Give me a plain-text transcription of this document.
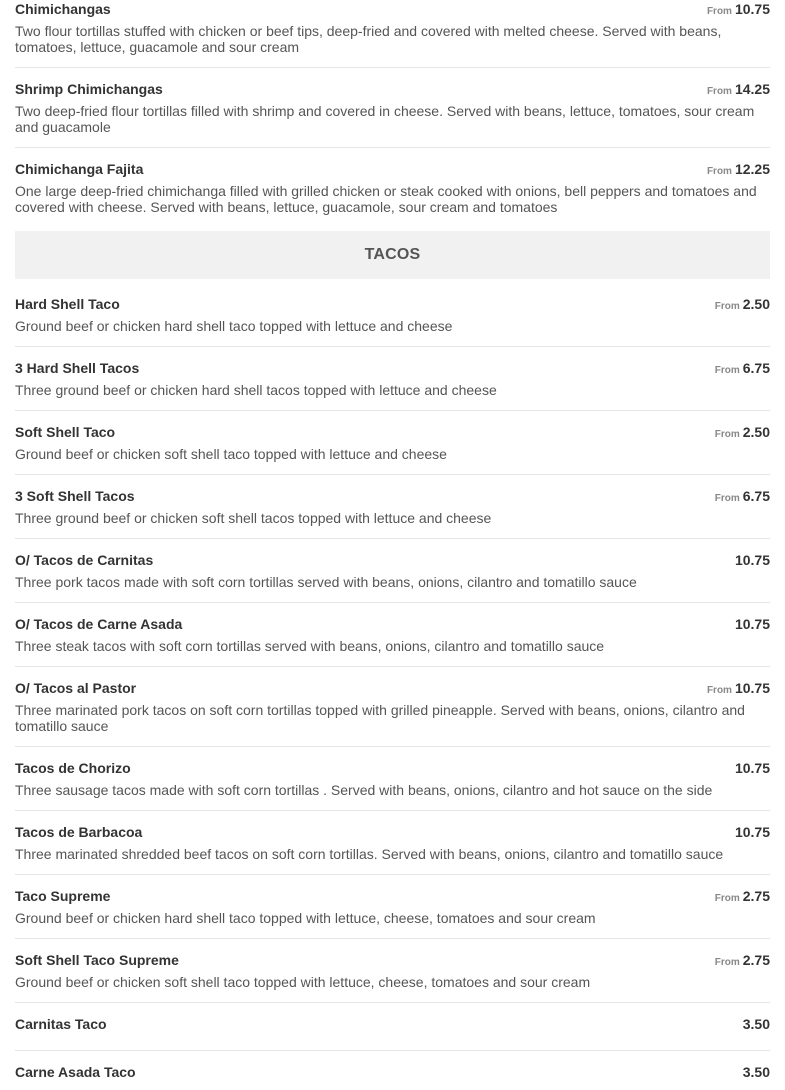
Chimichangas	From 10.75
Two flour tortillas stuffed with chicken or beef tips, deep-fried and covered with melted cheese. Served with beans, tomatoes, lettuce, guacamole and sour cream
Shrimp Chimichangas	From 14.25
Two deep-fried flour tortillas filled with shrimp and covered in cheese. Served with beans, lettuce, tomatoes, sour cream and guacamole
Chimichanga Fajita	From 12.25
One large deep-fried chimichanga filled with grilled chicken or steak cooked with onions, bell peppers and tomatoes and covered with cheese. Served with beans, lettuce, guacamole, sour cream and tomatoes
TACOS
Hard Shell Taco	From 2.50
Ground beef or chicken hard shell taco topped with lettuce and cheese
3 Hard Shell Tacos	From 6.75
Three ground beef or chicken hard shell tacos topped with lettuce and cheese
Soft Shell Taco	From 2.50
Ground beef or chicken soft shell taco topped with lettuce and cheese
3 Soft Shell Tacos	From 6.75
Three ground beef or chicken soft shell tacos topped with lettuce and cheese
O/ Tacos de Carnitas	10.75
Three pork tacos made with soft corn tortillas served with beans, onions, cilantro and tomatillo sauce
O/ Tacos de Carne Asada	10.75
Three steak tacos with soft corn tortillas served with beans, onions, cilantro and tomatillo sauce
O/ Tacos al Pastor	From 10.75
Three marinated pork tacos on soft corn tortillas topped with grilled pineapple. Served with beans, onions, cilantro and tomatillo sauce
Tacos de Chorizo	10.75
Three sausage tacos made with soft corn tortillas . Served with beans, onions, cilantro and hot sauce on the side
Tacos de Barbacoa	10.75
Three marinated shredded beef tacos on soft corn tortillas. Served with beans, onions, cilantro and tomatillo sauce
Taco Supreme	From 2.75
Ground beef or chicken hard shell taco topped with lettuce, cheese, tomatoes and sour cream
Soft Shell Taco Supreme	From 2.75
Ground beef or chicken soft shell taco topped with lettuce, cheese, tomatoes and sour cream
Carnitas Taco	3.50
Carne Asada Taco	3.50
